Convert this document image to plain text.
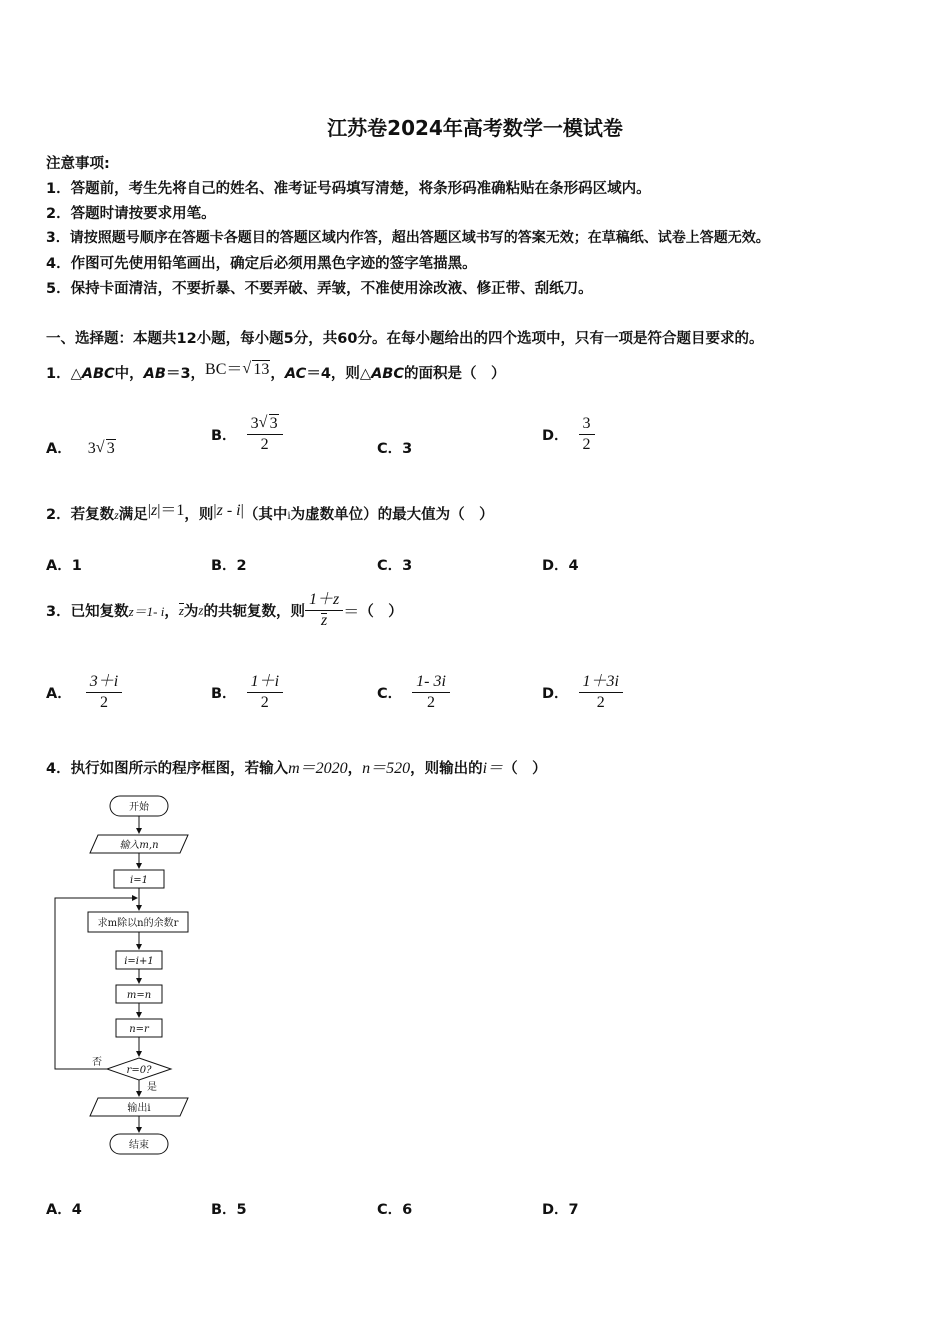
江苏卷2024年高考数学一模试卷
注意事项:
1．答题前，考生先将自己的姓名、准考证号码填写清楚，将条形码准确粘贴在条形码区域内。
2．答题时请按要求用笔。
3．请按照题号顺序在答题卡各题目的答题区域内作答，超出答题区域书写的答案无效；在草稿纸、试卷上答题无效。
4．作图可先使用铅笔画出，确定后必须用黑色字迹的签字笔描黑。
5．保持卡面清洁，不要折暴、不要弄破、弄皱，不准使用涂改液、修正带、刮纸刀。
一、选择题：本题共12小题，每小题5分，共60分。在每小题给出的四个选项中，只有一项是符合题目要求的。
1．△ABC中，AB＝3，BC＝ √ 13，AC＝4，则△ABC的面积是（　）
A． 3 √ 3
B． $\frac{3 √ 3}{2}$	C．3
D． $\frac{3}{2}$
2．若复数z满足|z|＝1，则|z - i|（其中i为虚数单位）的最大值为（　）
A．1	B．2	C．3	D．4
3．已知复数z＝1- i，z为z的共轭复数，则 $\frac{1+z}{z}$ ＝（　）
A． $\frac{3+i}{2}$	B． $\frac{1+i}{2}$	C． $\frac{1- 3i}{2}$	D． $\frac{1+3i}{2}$
4．执行如图所示的程序框图，若输入m＝2020，n＝520，则输出的i＝（　）
开始
输入m,n
i=1
求m除以n的余数r
i=i+1
m=n
n=r
r=0?
否
是
输出i
结束
A．4	B．5	C．6	D．7
